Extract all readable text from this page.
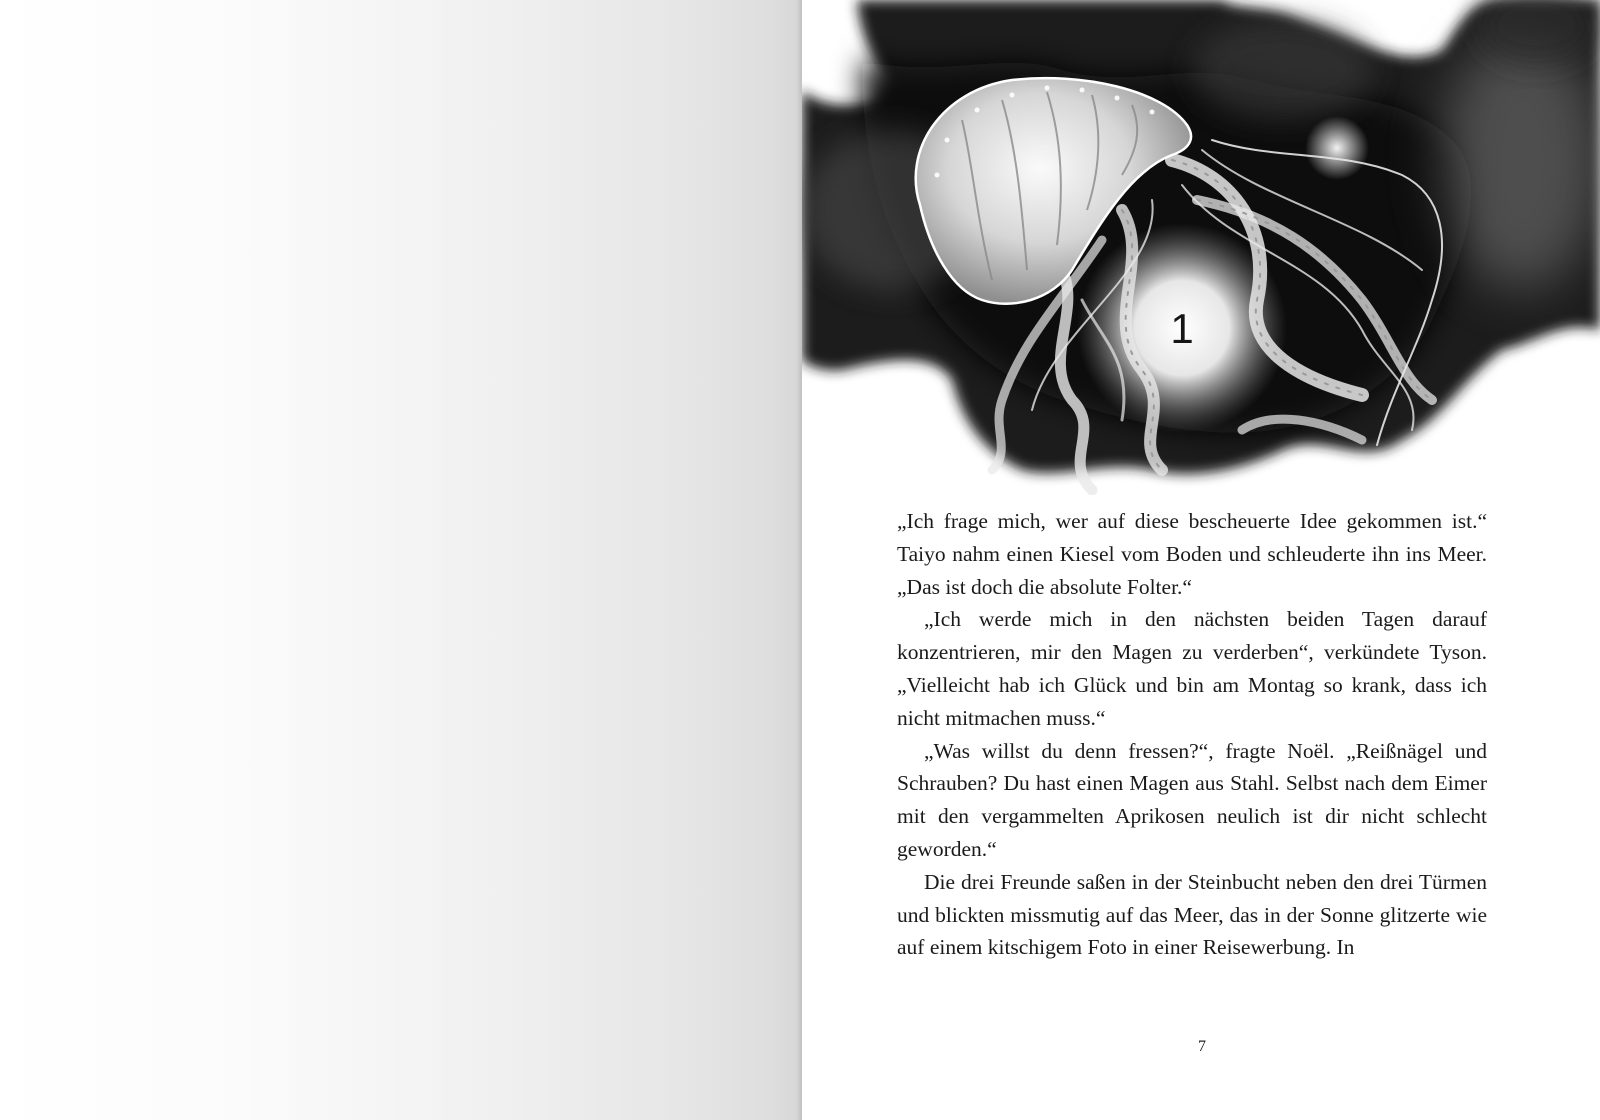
1

„Ich frage mich, wer auf diese bescheuerte Idee gekommen ist.“ Taiyo nahm einen Kiesel vom Boden und schleuderte ihn ins Meer. „Das ist doch die absolute Folter.“

„Ich werde mich in den nächsten beiden Tagen darauf konzentrieren, mir den Magen zu verderben“, verkündete Tyson. „Vielleicht hab ich Glück und bin am Montag so krank, dass ich nicht mitmachen muss.“

„Was willst du denn fressen?“, fragte Noël. „Reißnägel und Schrauben? Du hast einen Magen aus Stahl. Selbst nach dem Eimer mit den vergammelten Aprikosen neulich ist dir nicht schlecht geworden.“

Die drei Freunde saßen in der Steinbucht neben den drei Türmen und blickten missmutig auf das Meer, das in der Sonne glitzerte wie auf einem kitschigem Foto in einer Reisewerbung. In

7
